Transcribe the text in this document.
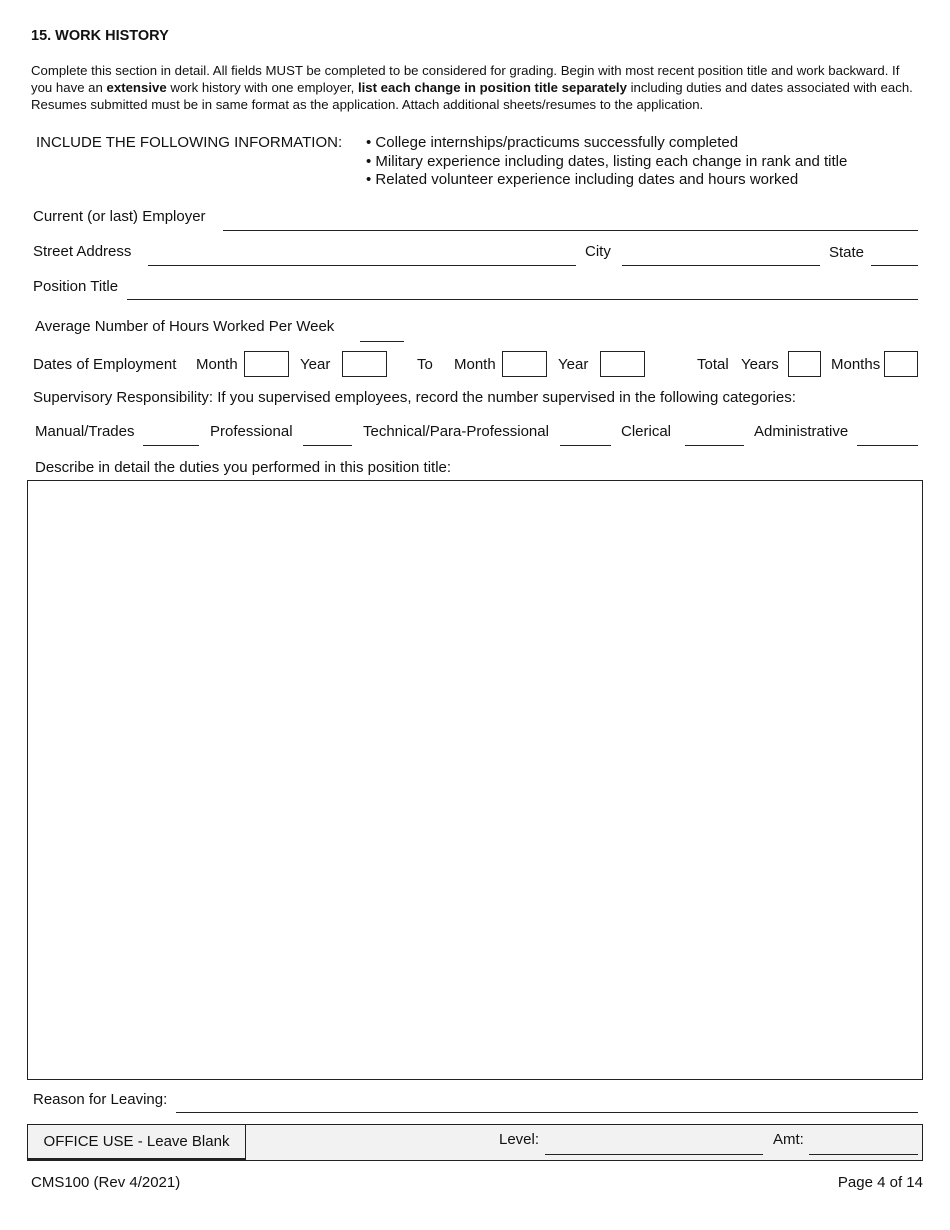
15. WORK HISTORY
Complete this section in detail. All fields MUST be completed to be considered for grading. Begin with most recent position title and work backward. If you have an extensive work history with one employer, list each change in position title separately including duties and dates associated with each. Resumes submitted must be in same format as the application. Attach additional sheets/resumes to the application.
INCLUDE THE FOLLOWING INFORMATION: • College internships/practicums successfully completed
• Military experience including dates, listing each change in rank and title
• Related volunteer experience including dates and hours worked
Current (or last) Employer
Street Address	City	State
Position Title
Average Number of Hours Worked Per Week
Dates of Employment Month	Year	To Month	Year	Total Years	Months
Supervisory Responsibility: If you supervised employees, record the number supervised in the following categories:
Manual/Trades	Professional	Technical/Para-Professional	Clerical	Administrative
Describe in detail the duties you performed in this position title:
Reason for Leaving:
OFFICE USE - Leave Blank	Level:	Amt:
CMS100 (Rev 4/2021)	Page 4 of 14
